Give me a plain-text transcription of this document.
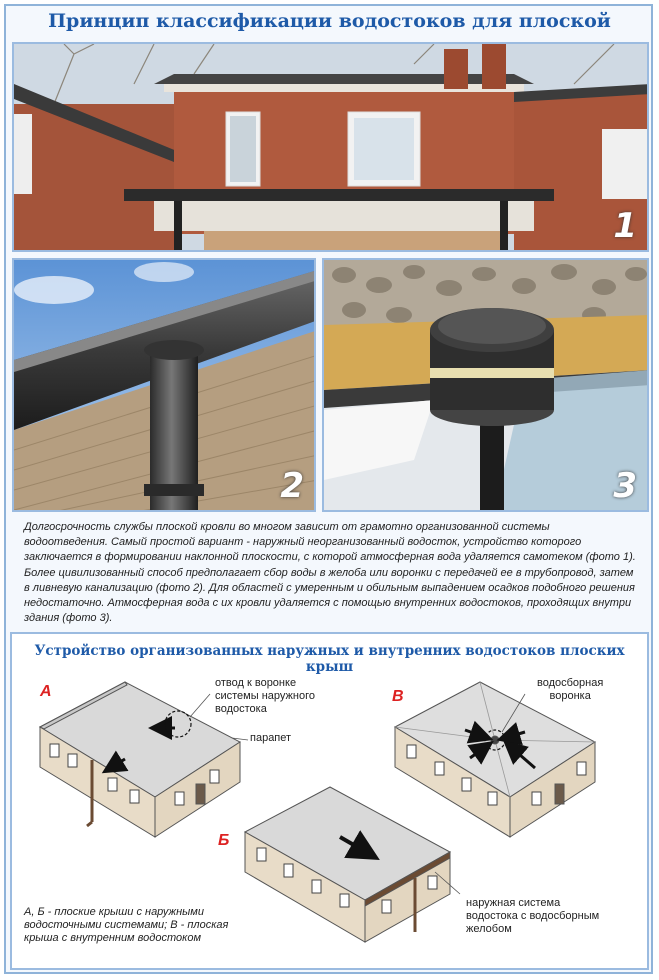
Принцип классификации водостоков для плоской
1
2	3
Долгосрочность службы плоской кровли во многом зависит от грамотно организованной системы водоотведения. Самый простой вариант - наружный неорганизованный водосток, устройство которого заключается в формировании наклонной плоскости, с которой атмосферная вода удаляется самотеком (фото 1). Более цивилизованный способ предполагает сбор воды в желоба или воронки с передачей ее в трубопровод, затем в ливневую канализацию (фото 2). Для областей с умеренным и обильным выпадением осадков подобного решения недостаточно. Атмосферная вода с их кровли удаляется с помощью внутренних водостоков, проходящих внутри здания (фото 3).
Устройство организованных наружных и внутренних водостоков плоских крыш
А	В
Б
отвод к воронке
системы наружного
водостока
парапет
водосборная
воронка
наружная система
водостока с водосборным
желобом
А, Б - плоские крыши с наружными
водосточными системами; В - плоская
крыша с внутренним водостоком
